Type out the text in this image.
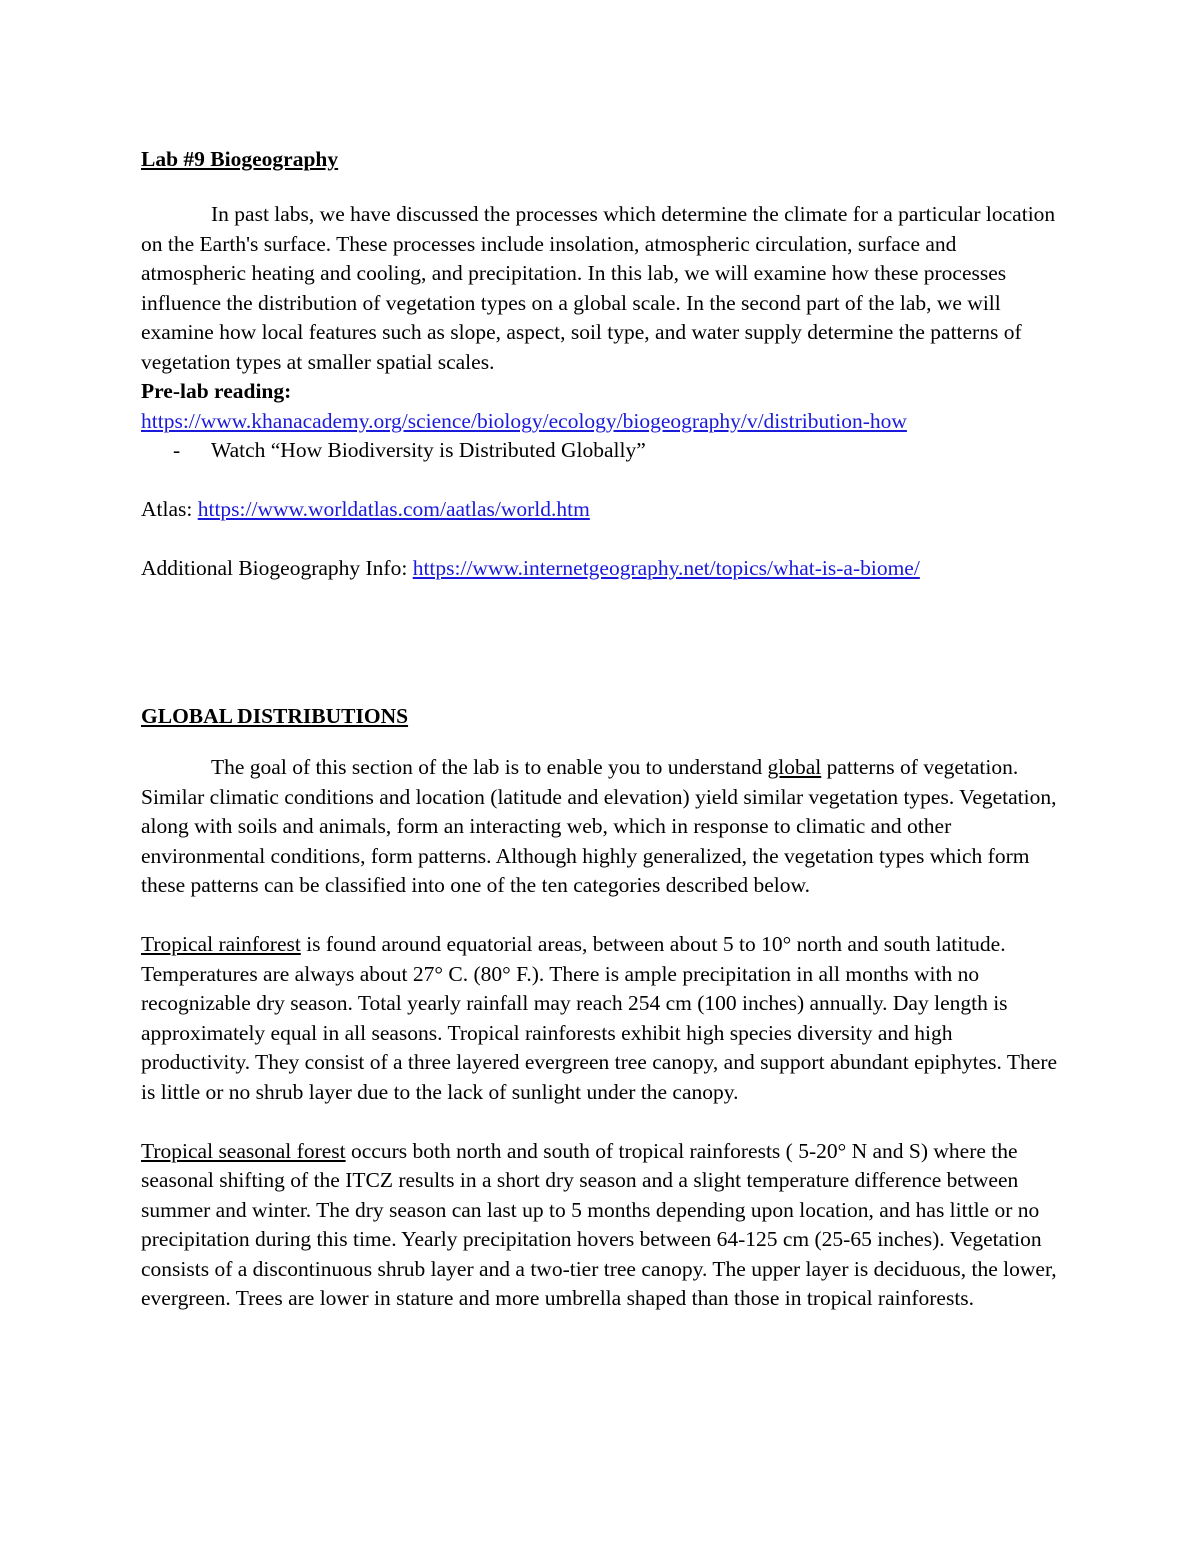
Lab #9 Biogeography

In past labs, we have discussed the processes which determine the climate for a particular location on the Earth's surface. These processes include insolation, atmospheric circulation, surface and atmospheric heating and cooling, and precipitation. In this lab, we will examine how these processes influence the distribution of vegetation types on a global scale. In the second part of the lab, we will examine how local features such as slope, aspect, soil type, and water supply determine the patterns of vegetation types at smaller spatial scales.

Pre-lab reading:

https://www.khanacademy.org/science/biology/ecology/biogeography/v/distribution-how

-	Watch “How Biodiversity is Distributed Globally”

Atlas: https://www.worldatlas.com/aatlas/world.htm

Additional Biogeography Info: https://www.internetgeography.net/topics/what-is-a-biome/

GLOBAL DISTRIBUTIONS

The goal of this section of the lab is to enable you to understand global patterns of vegetation. Similar climatic conditions and location (latitude and elevation) yield similar vegetation types. Vegetation, along with soils and animals, form an interacting web, which in response to climatic and other environmental conditions, form patterns. Although highly generalized, the vegetation types which form these patterns can be classified into one of the ten categories described below.

Tropical rainforest is found around equatorial areas, between about 5 to 10° north and south latitude. Temperatures are always about 27° C. (80° F.). There is ample precipitation in all months with no recognizable dry season. Total yearly rainfall may reach 254 cm (100 inches) annually. Day length is approximately equal in all seasons. Tropical rainforests exhibit high species diversity and high productivity. They consist of a three layered evergreen tree canopy, and support abundant epiphytes. There is little or no shrub layer due to the lack of sunlight under the canopy.

Tropical seasonal forest occurs both north and south of tropical rainforests ( 5-20° N and S) where the seasonal shifting of the ITCZ results in a short dry season and a slight temperature difference between summer and winter. The dry season can last up to 5 months depending upon location, and has little or no precipitation during this time. Yearly precipitation hovers between 64-125 cm (25-65 inches). Vegetation consists of a discontinuous shrub layer and a two-tier tree canopy. The upper layer is deciduous, the lower, evergreen. Trees are lower in stature and more umbrella shaped than those in tropical rainforests.
